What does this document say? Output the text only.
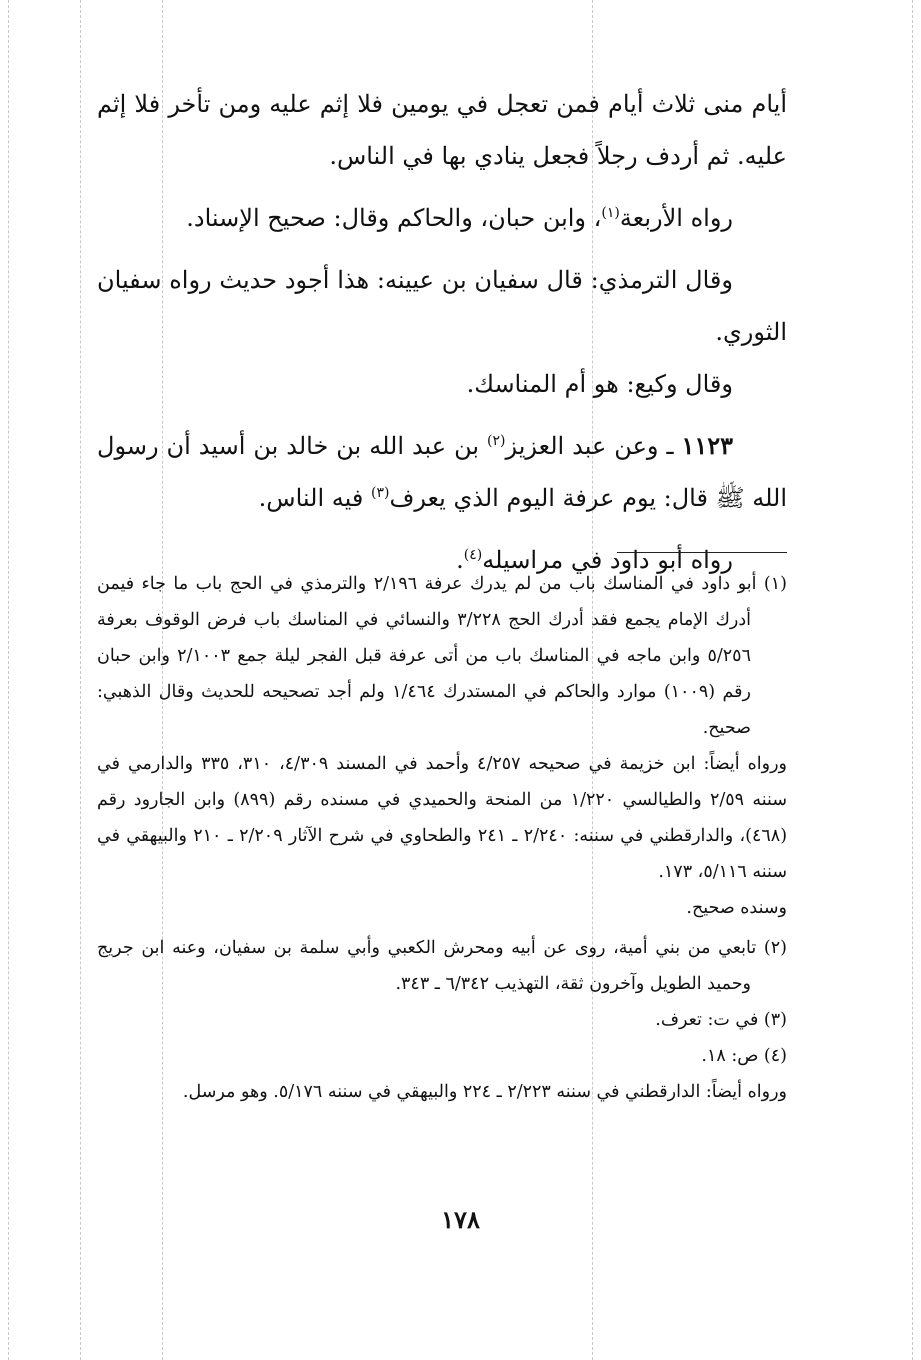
أيام منى ثلاث أيام فمن تعجل في يومين فلا إثم عليه ومن تأخر فلا إثم عليه. ثم أردف رجلاً فجعل ينادي بها في الناس.

رواه الأربعة$^{(١)}$، وابن حبان، والحاكم وقال: صحيح الإسناد.

وقال الترمذي: قال سفيان بن عيينه: هذا أجود حديث رواه سفيان الثوري.

وقال وكيع: هو أم المناسك.

١١٢٣ ـ وعن عبد العزيز$^{(٢)}$ بن عبد الله بن خالد بن أسيد أن رسول الله ﷺ قال: يوم عرفة اليوم الذي يعرف$^{(٣)}$ فيه الناس.

رواه أبو داود في مراسيله$^{(٤)}$.

(١) أبو داود في المناسك باب من لم يدرك عرفة ٢/١٩٦ والترمذي في الحج باب ما جاء فيمن أدرك الإمام يجمع فقد أدرك الحج ٣/٢٢٨ والنسائي في المناسك باب فرض الوقوف بعرفة ٥/٢٥٦ وابن ماجه في المناسك باب من أتى عرفة قبل الفجر ليلة جمع ٢/١٠٠٣ وابن حبان رقم (١٠٠٩) موارد والحاكم في المستدرك ١/٤٦٤ ولم أجد تصحيحه للحديث وقال الذهبي: صحيح.

ورواه أيضاً: ابن خزيمة في صحيحه ٤/٢٥٧ وأحمد في المسند ٤/٣٠٩، ٣١٠، ٣٣٥ والدارمي في سننه ٢/٥٩ والطيالسي ١/٢٢٠ من المنحة والحميدي في مسنده رقم (٨٩٩) وابن الجارود رقم (٤٦٨)، والدارقطني في سننه: ٢/٢٤٠ ـ ٢٤١ والطحاوي في شرح الآثار ٢/٢٠٩ ـ ٢١٠ والبيهقي في سننه ٥/١١٦، ١٧٣.

وسنده صحيح.

(٢) تابعي من بني أمية، روى عن أبيه ومحرش الكعبي وأبي سلمة بن سفيان، وعنه ابن جريج وحميد الطويل وآخرون ثقة، التهذيب ٦/٣٤٢ ـ ٣٤٣.

(٣) في ت: تعرف.

(٤) ص: ١٨.

ورواه أيضاً: الدارقطني في سننه ٢/٢٢٣ ـ ٢٢٤ والبيهقي في سننه ٥/١٧٦. وهو مرسل.

١٧٨
